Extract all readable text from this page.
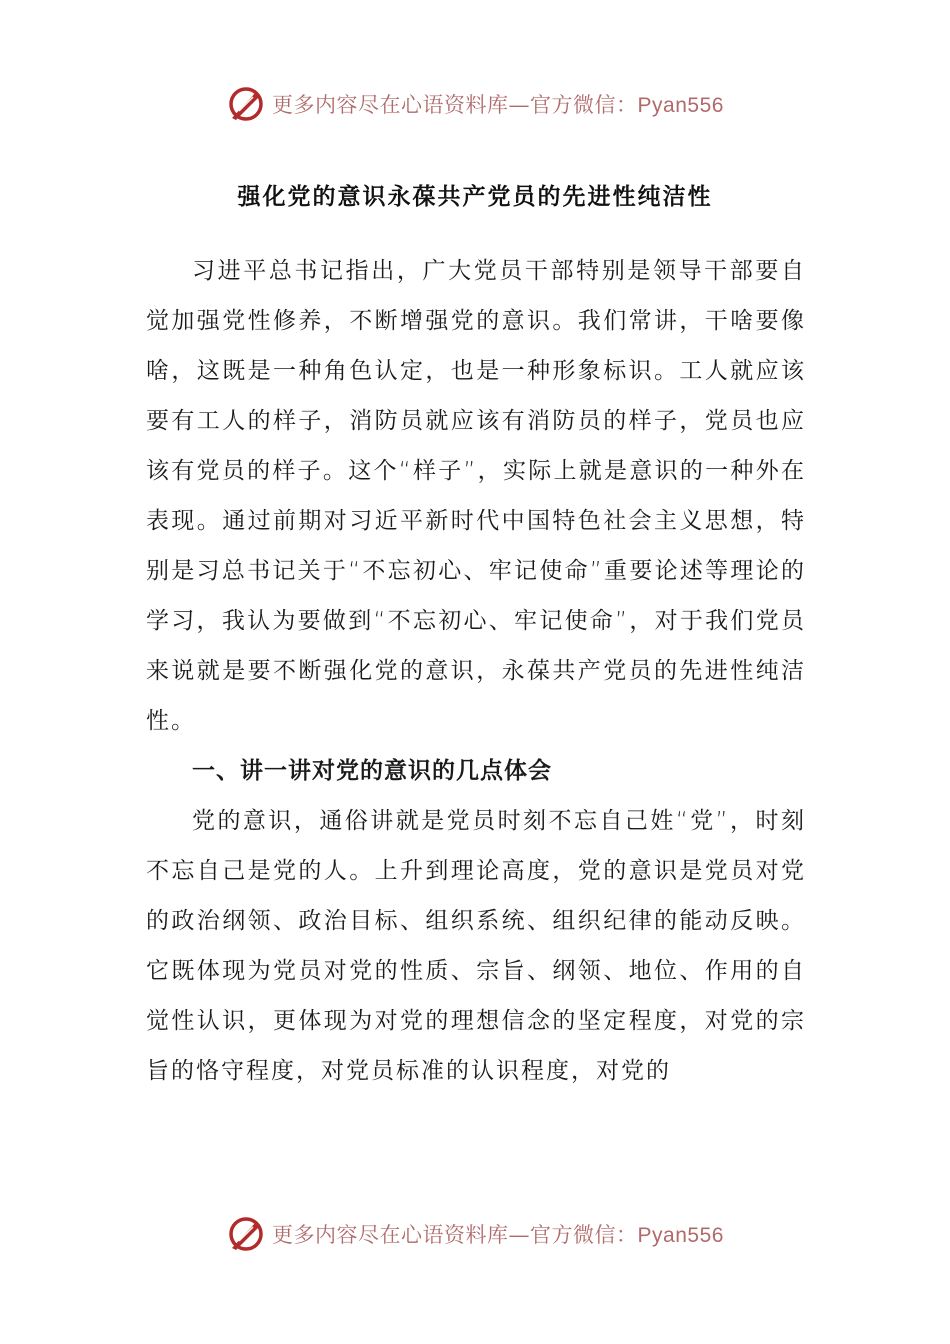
更多内容尽在心语资料库—官方微信：Pyan556
强化党的意识永葆共产党员的先进性纯洁性

习进平总书记指出，广大党员干部特别是领导干部要自觉加强党性修养，不断增强党的意识。我们常讲，干啥要像啥，这既是一种角色认定，也是一种形象标识。工人就应该要有工人的样子，消防员就应该有消防员的样子，党员也应该有党员的样子。这个“样子”，实际上就是意识的一种外在表现。通过前期对习近平新时代中国特色社会主义思想，特别是习总书记关于“不忘初心、牢记使命”重要论述等理论的学习，我认为要做到“不忘初心、牢记使命”，对于我们党员来说就是要不断强化党的意识，永葆共产党员的先进性纯洁性。

一、讲一讲对党的意识的几点体会

党的意识，通俗讲就是党员时刻不忘自己姓“党”，时刻不忘自己是党的人。上升到理论高度，党的意识是党员对党的政治纲领、政治目标、组织系统、组织纪律的能动反映。它既体现为党员对党的性质、宗旨、纲领、地位、作用的自觉性认识，更体现为对党的理想信念的坚定程度，对党的宗旨的恪守程度，对党员标准的认识程度，对党的

更多内容尽在心语资料库—官方微信：Pyan556
